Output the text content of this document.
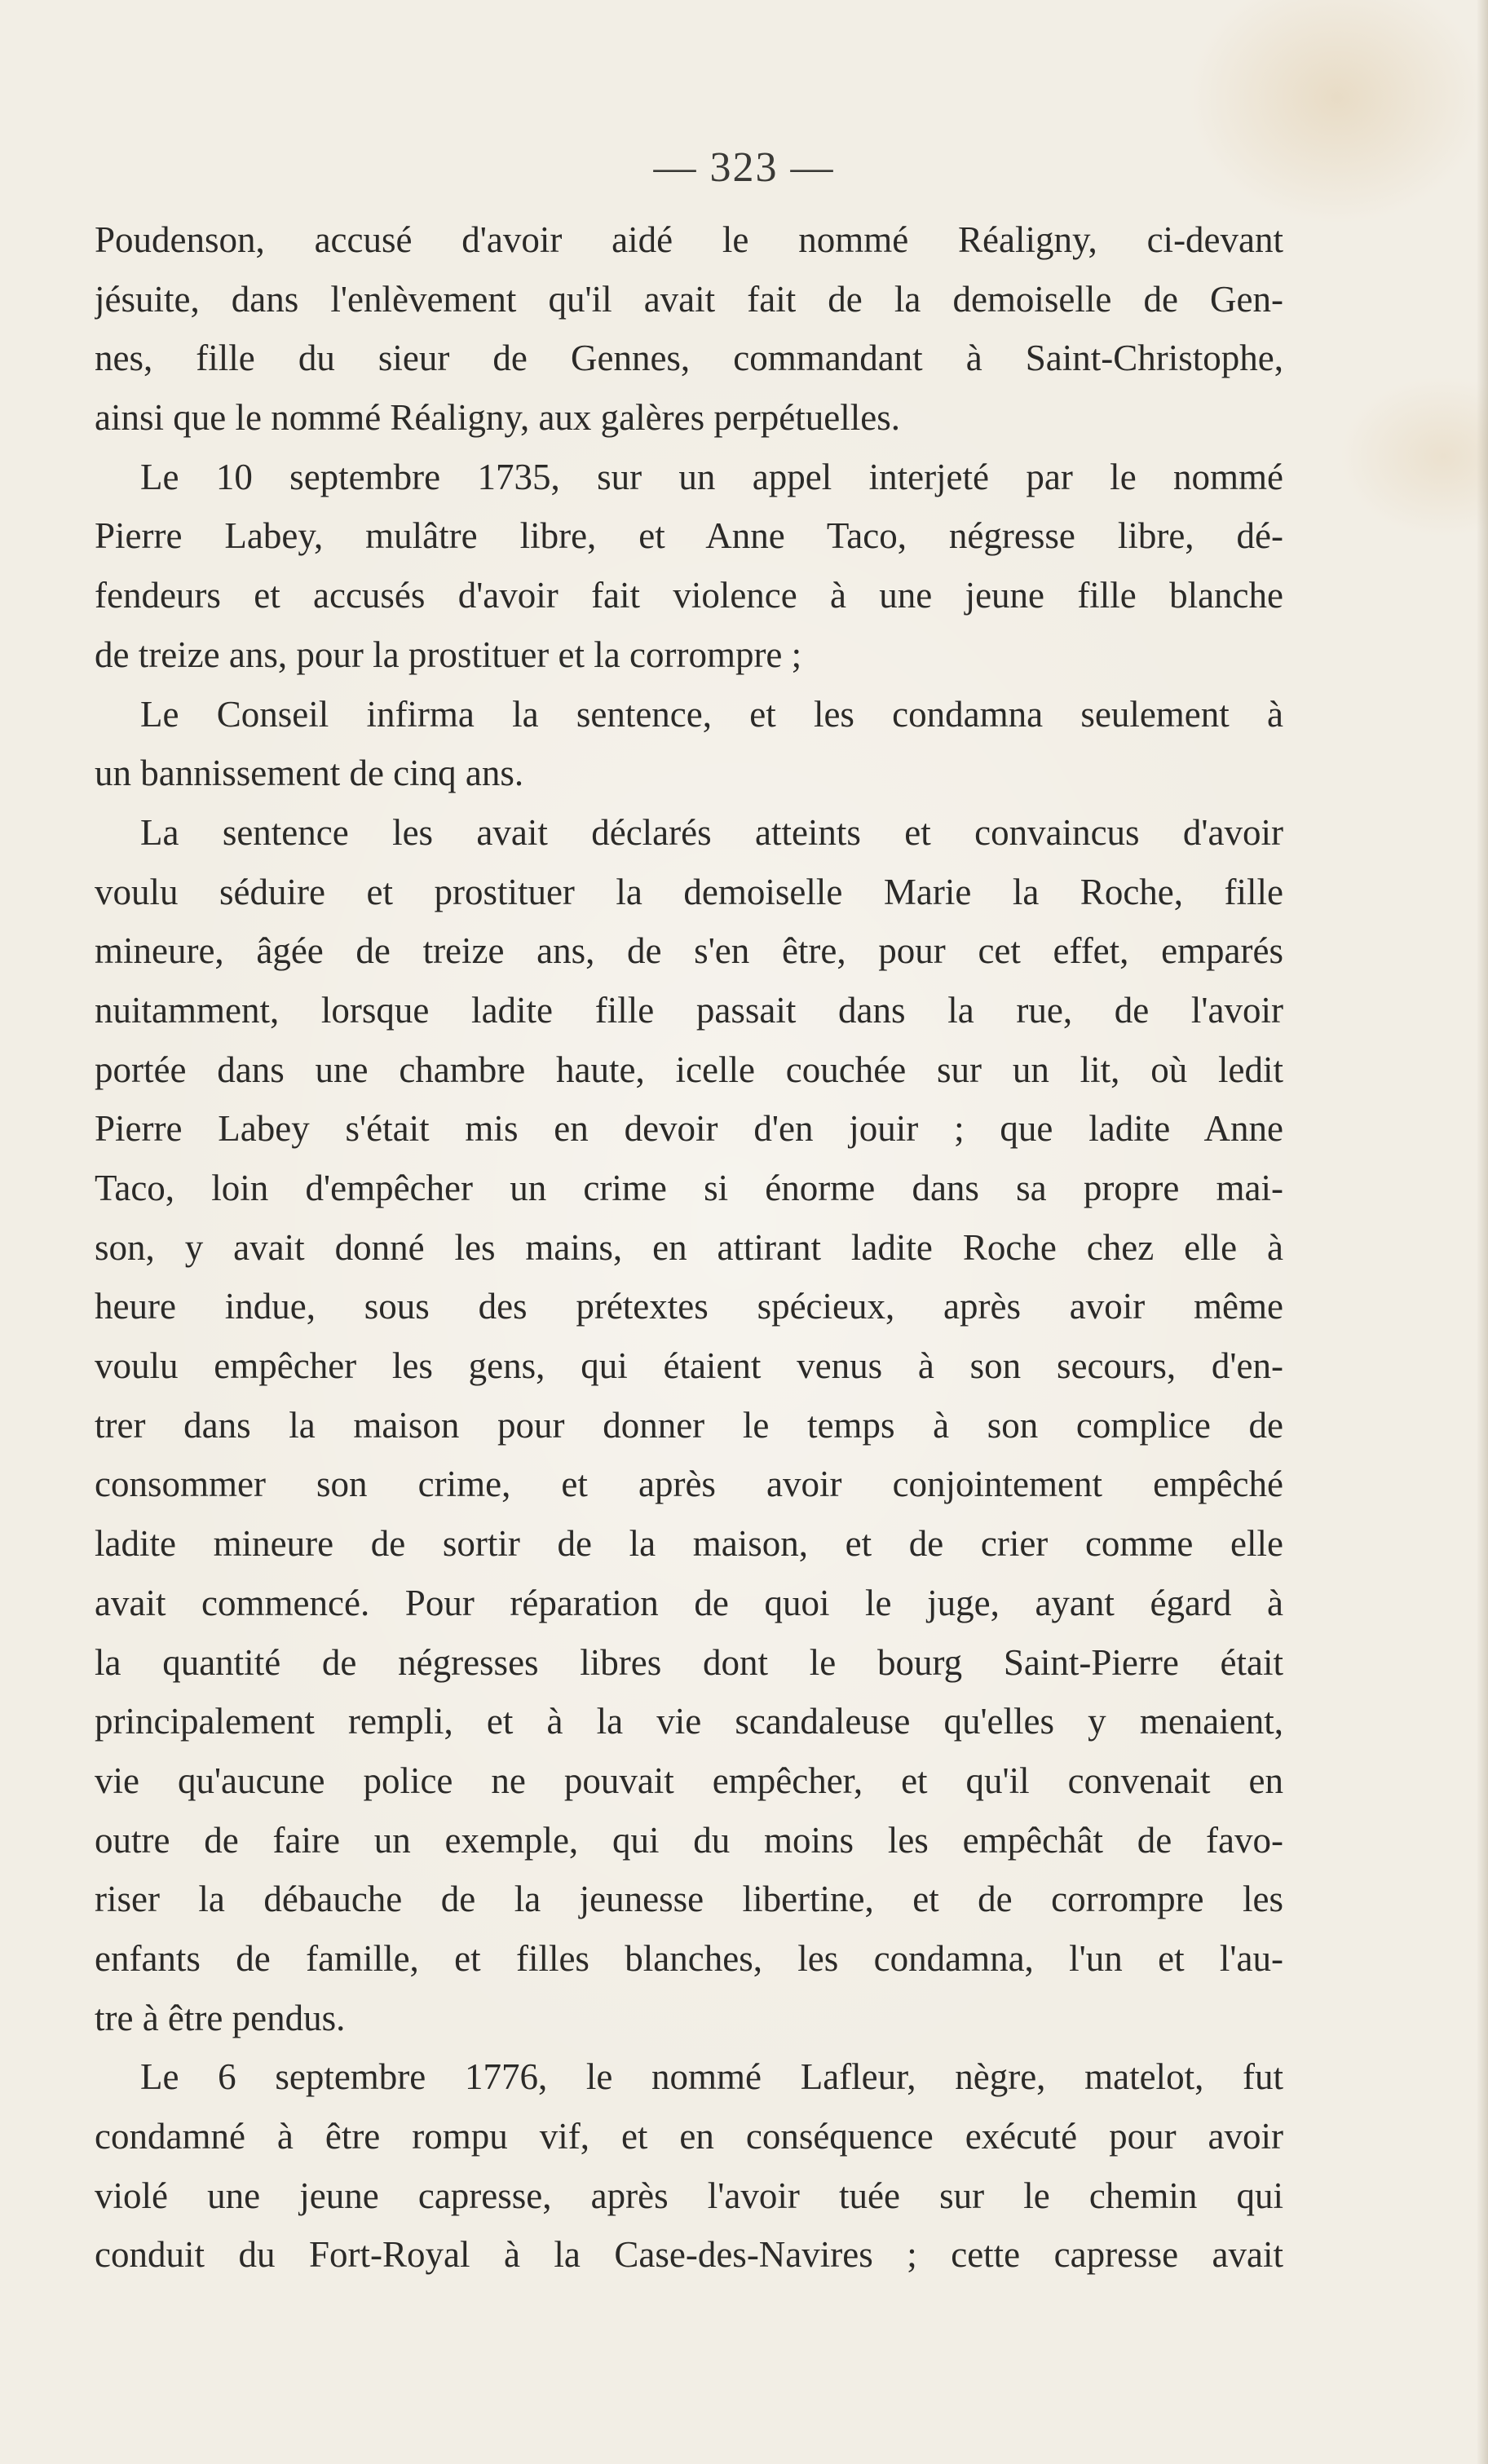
— 323 —
Poudenson, accusé d'avoir aidé le nommé Réaligny, ci-devant
jésuite, dans l'enlèvement qu'il avait fait de la demoiselle de Gen-
nes, fille du sieur de Gennes, commandant à Saint-Christophe,
ainsi que le nommé Réaligny, aux galères perpétuelles.
Le 10 septembre 1735, sur un appel interjeté par le nommé
Pierre Labey, mulâtre libre, et Anne Taco, négresse libre, dé-
fendeurs et accusés d'avoir fait violence à une jeune fille blanche
de treize ans, pour la prostituer et la corrompre ;
Le Conseil infirma la sentence, et les condamna seulement à
un bannissement de cinq ans.
La sentence les avait déclarés atteints et convaincus d'avoir
voulu séduire et prostituer la demoiselle Marie la Roche, fille
mineure, âgée de treize ans, de s'en être, pour cet effet, emparés
nuitamment, lorsque ladite fille passait dans la rue, de l'avoir
portée dans une chambre haute, icelle couchée sur un lit, où ledit
Pierre Labey s'était mis en devoir d'en jouir ; que ladite Anne
Taco, loin d'empêcher un crime si énorme dans sa propre mai-
son, y avait donné les mains, en attirant ladite Roche chez elle à
heure indue, sous des prétextes spécieux, après avoir même
voulu empêcher les gens, qui étaient venus à son secours, d'en-
trer dans la maison pour donner le temps à son complice de
consommer son crime, et après avoir conjointement empêché
ladite mineure de sortir de la maison, et de crier comme elle
avait commencé. Pour réparation de quoi le juge, ayant égard à
la quantité de négresses libres dont le bourg Saint-Pierre était
principalement rempli, et à la vie scandaleuse qu'elles y menaient,
vie qu'aucune police ne pouvait empêcher, et qu'il convenait en
outre de faire un exemple, qui du moins les empêchât de favo-
riser la débauche de la jeunesse libertine, et de corrompre les
enfants de famille, et filles blanches, les condamna, l'un et l'au-
tre à être pendus.
Le 6 septembre 1776, le nommé Lafleur, nègre, matelot, fut
condamné à être rompu vif, et en conséquence exécuté pour avoir
violé une jeune capresse, après l'avoir tuée sur le chemin qui
conduit du Fort-Royal à la Case-des-Navires ; cette capresse avait
